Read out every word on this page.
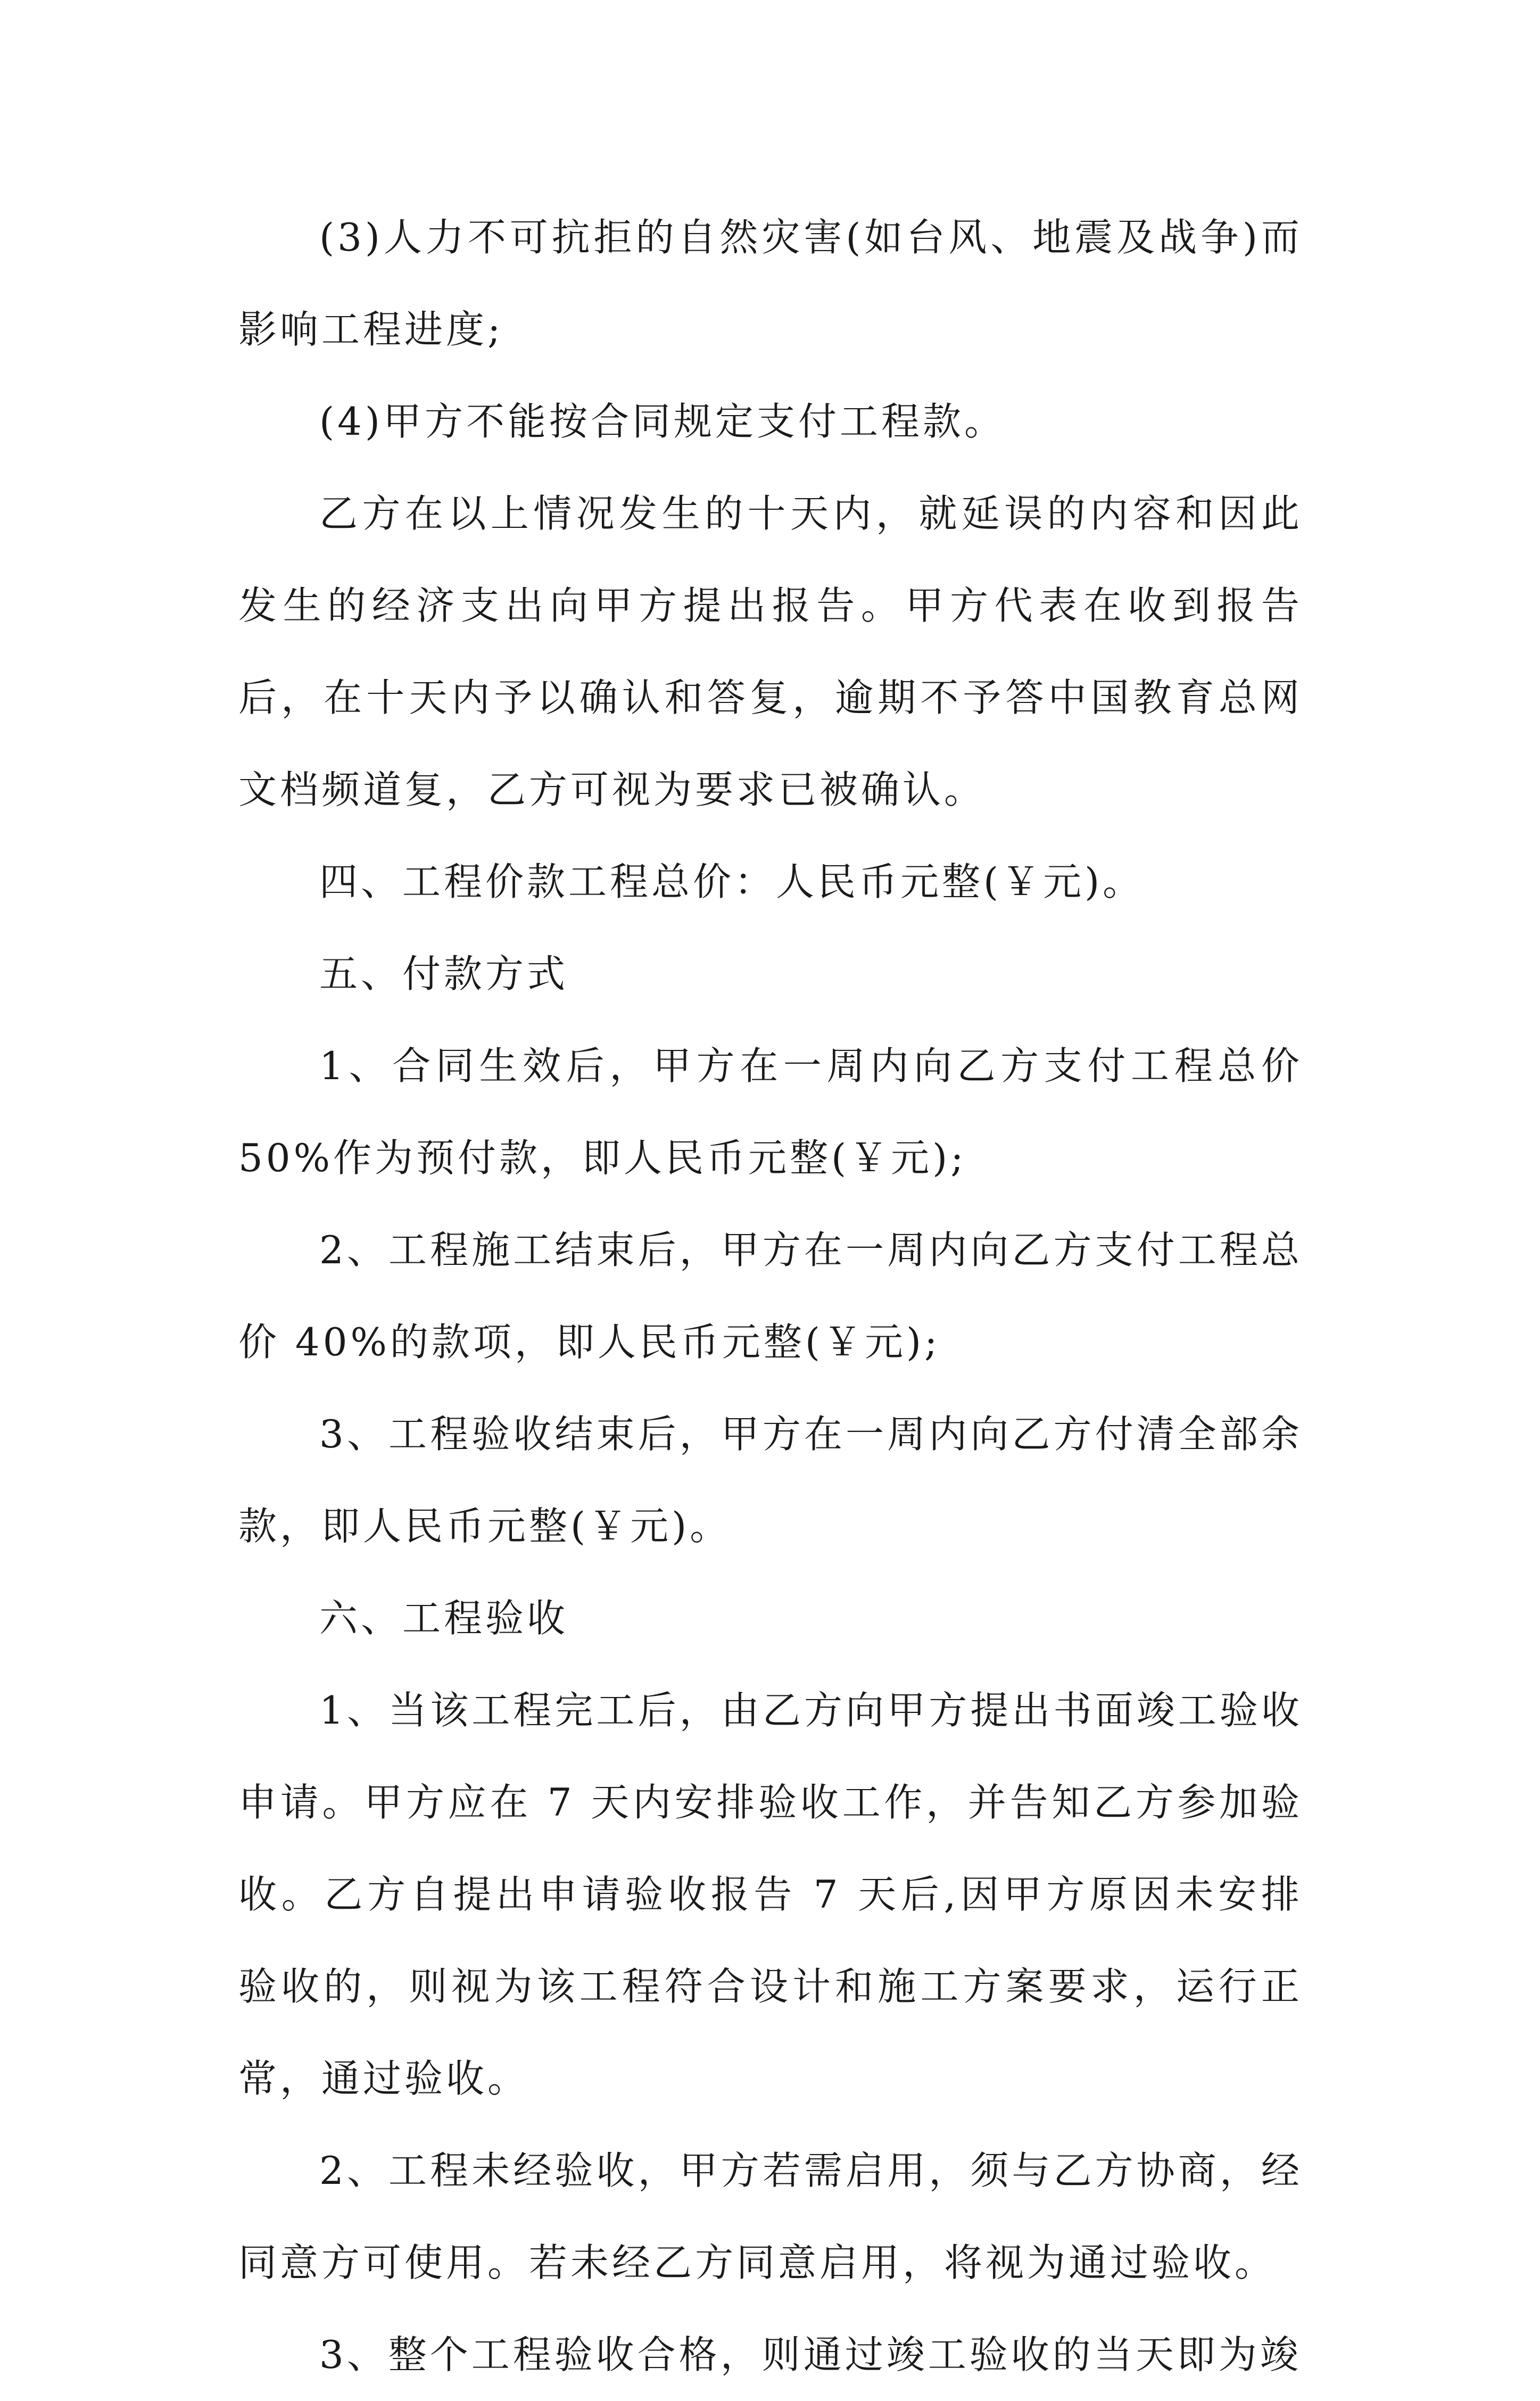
(3)人力不可抗拒的自然灾害(如台风、地震及战争)而影响工程进度;

(4)甲方不能按合同规定支付工程款。

乙方在以上情况发生的十天内，就延误的内容和因此发生的经济支出向甲方提出报告。甲方代表在收到报告后，在十天内予以确认和答复，逾期不予答中国教育总网文档频道复，乙方可视为要求已被确认。

四、工程价款工程总价：人民币元整(￥元)。

五、付款方式

1、合同生效后，甲方在一周内向乙方支付工程总价 50%作为预付款，即人民币元整(￥元);

2、工程施工结束后，甲方在一周内向乙方支付工程总价 40%的款项，即人民币元整(￥元);

3、工程验收结束后，甲方在一周内向乙方付清全部余款，即人民币元整(￥元)。

六、工程验收

1、当该工程完工后，由乙方向甲方提出书面竣工验收申请。甲方应在 7 天内安排验收工作，并告知乙方参加验收。乙方自提出申请验收报告 7 天后,因甲方原因未安排验收的，则视为该工程符合设计和施工方案要求，运行正常，通过验收。

2、工程未经验收，甲方若需启用，须与乙方协商，经同意方可使用。若未经乙方同意启用，将视为通过验收。

3、整个工程验收合格，则通过竣工验收的当天即为竣
